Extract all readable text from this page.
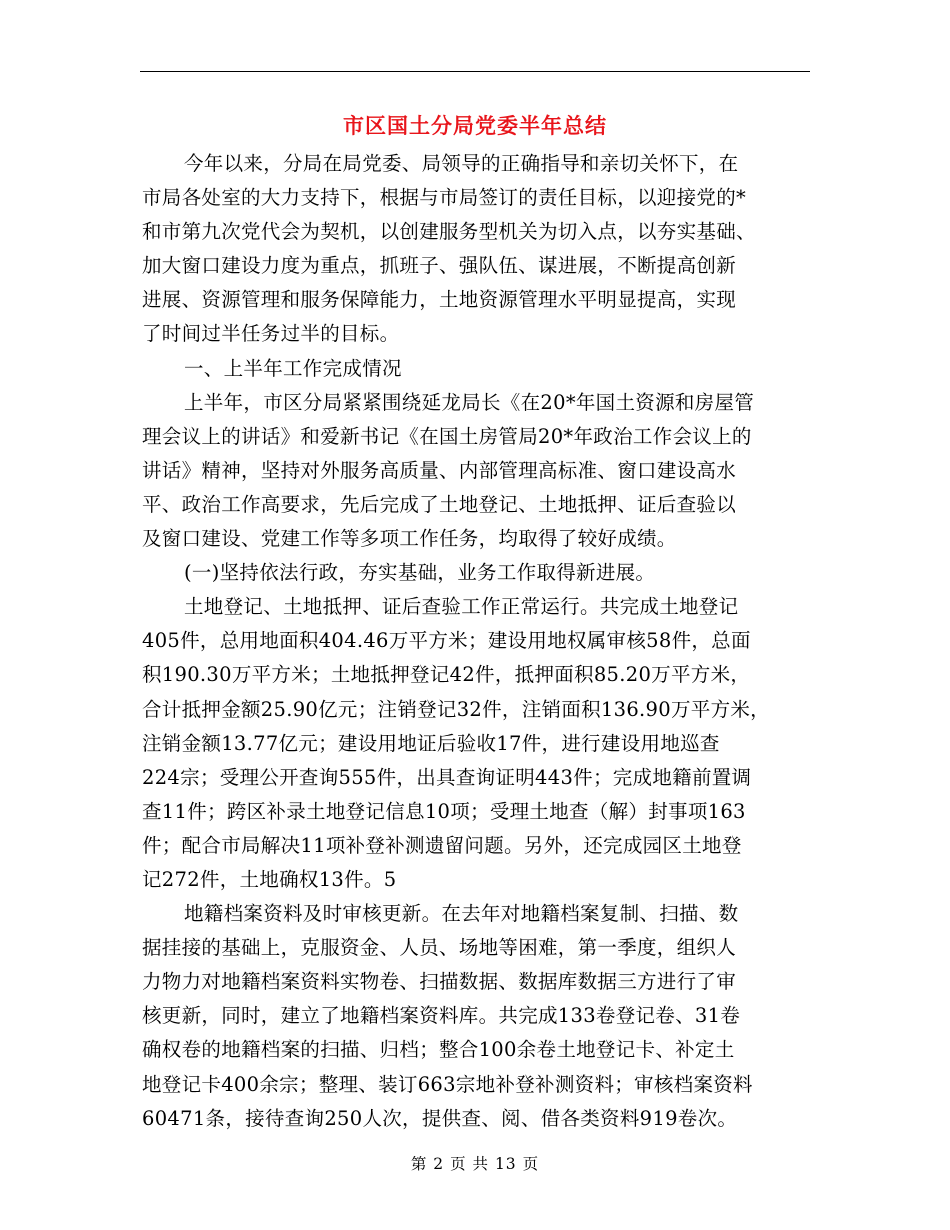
市区国土分局党委半年总结
今年以来，分局在局党委、局领导的正确指导和亲切关怀下，在
市局各处室的大力支持下，根据与市局签订的责任目标，以迎接党的*
和市第九次党代会为契机，以创建服务型机关为切入点，以夯实基础、
加大窗口建设力度为重点，抓班子、强队伍、谋进展，不断提高创新
进展、资源管理和服务保障能力，土地资源管理水平明显提高，实现
了时间过半任务过半的目标。
一、上半年工作完成情况
上半年，市区分局紧紧围绕延龙局长《在20*年国土资源和房屋管
理会议上的讲话》和爱新书记《在国土房管局20*年政治工作会议上的
讲话》精神，坚持对外服务高质量、内部管理高标准、窗口建设高水
平、政治工作高要求，先后完成了土地登记、土地抵押、证后查验以
及窗口建设、党建工作等多项工作任务，均取得了较好成绩。
(一)坚持依法行政，夯实基础，业务工作取得新进展。
土地登记、土地抵押、证后查验工作正常运行。共完成土地登记
405件，总用地面积404.46万平方米；建设用地权属审核58件，总面
积190.30万平方米；土地抵押登记42件，抵押面积85.20万平方米，
合计抵押金额25.90亿元；注销登记32件，注销面积136.90万平方米，
注销金额13.77亿元；建设用地证后验收17件，进行建设用地巡查
224宗；受理公开查询555件，出具查询证明443件；完成地籍前置调
查11件；跨区补录土地登记信息10项；受理土地查（解）封事项163
件；配合市局解决11项补登补测遗留问题。另外，还完成园区土地登
记272件，土地确权13件。5
地籍档案资料及时审核更新。在去年对地籍档案复制、扫描、数
据挂接的基础上，克服资金、人员、场地等困难，第一季度，组织人
力物力对地籍档案资料实物卷、扫描数据、数据库数据三方进行了审
核更新，同时，建立了地籍档案资料库。共完成133卷登记卷、31卷
确权卷的地籍档案的扫描、归档；整合100余卷土地登记卡、补定土
地登记卡400余宗；整理、装订663宗地补登补测资料；审核档案资料
60471条，接待查询250人次，提供查、阅、借各类资料919卷次。
第 2 页 共 13 页
